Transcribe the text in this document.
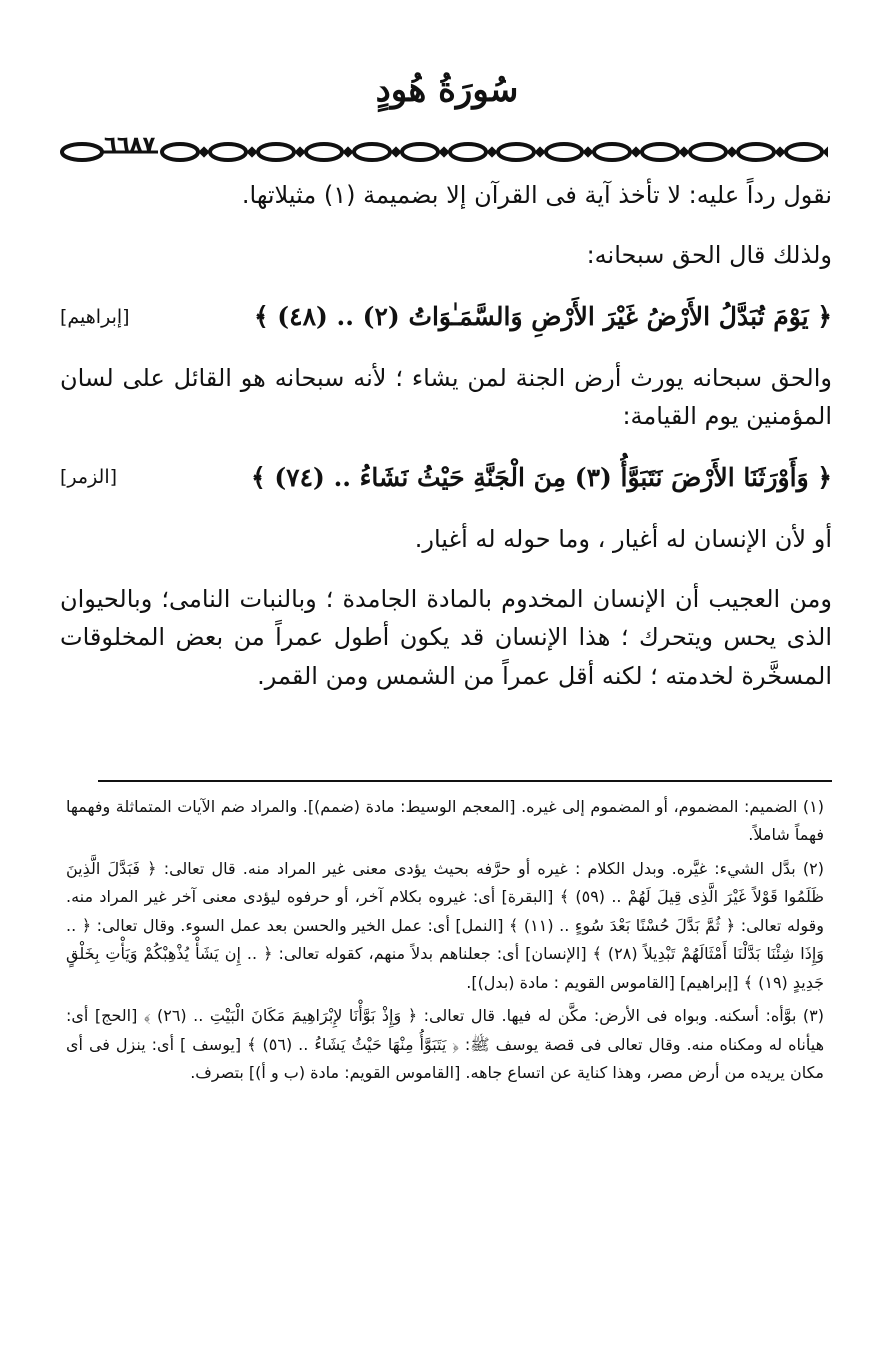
سُورَةُ هُودٍ
٦٦٨٧

نقول رداً عليه: لا تأخذ آية فى القرآن إلا بضميمة (١) مثيلاتها.

ولذلك قال الحق سبحانه:

﴿ يَوْمَ تُبَدَّلُ الأَرْضُ غَيْرَ الأَرْضِ وَالسَّمَـٰوَاتُ (٢) .. (٤٨) ﴾
[إبراهيم]

والحق سبحانه يورث أرض الجنة لمن يشاء ؛ لأنه سبحانه هو القائل على لسان المؤمنين يوم القيامة:

﴿ وَأَوْرَثَنَا الأَرْضَ نَتَبَوَّأُ (٣) مِنَ الْجَنَّةِ حَيْثُ نَشَاءُ .. (٧٤) ﴾
[الزمر]

أو لأن الإنسان له أغيار ، وما حوله له أغيار.

ومن العجيب أن الإنسان المخدوم بالمادة الجامدة ؛ وبالنبات النامى؛ وبالحيوان الذى يحس ويتحرك ؛ هذا الإنسان قد يكون أطول عمراً من بعض المخلوقات المسخَّرة لخدمته ؛ لكنه أقل عمراً من الشمس ومن القمر.

(١) الضميم: المضموم، أو المضموم إلى غيره. [المعجم الوسيط: مادة (ضمم)]. والمراد ضم الآيات المتماثلة وفهمها فهماً شاملاً.

(٢) بدَّل الشيء: غيَّره. وبدل الكلام : غيره أو حرَّفه بحيث يؤدى معنى غير المراد منه. قال تعالى: ﴿ فَبَدَّلَ الَّذِينَ ظَلَمُوا قَوْلاً غَيْرَ الَّذِى قِيلَ لَهُمْ .. (٥٩) ﴾ [البقرة] أى: غيروه بكلام آخر، أو حرفوه ليؤدى معنى آخر غير المراد منه. وقوله تعالى: ﴿ ثُمَّ بَدَّلَ حُسْنًا بَعْدَ سُوءٍ .. (١١) ﴾ [النمل] أى: عمل الخير والحسن بعد عمل السوء. وقال تعالى: ﴿ .. وَإِذَا شِئْنَا بَدَّلْنَا أَمْثَالَهُمْ تَبْدِيلاً (٢٨) ﴾ [الإنسان] أى: جعلناهم بدلاً منهم، كقوله تعالى: ﴿ .. إِن يَشَأْ يُذْهِبْكُمْ وَيَأْتِ بِخَلْقٍ جَدِيدٍ (١٩) ﴾ [إبراهيم] [القاموس القويم : مادة (بدل)].

(٣) بوَّأه: أسكنه. وبواه فى الأرض: مكَّن له فيها. قال تعالى: ﴿ وَإِذْ بَوَّأْنَا لإِبْرَاهِيمَ مَكَانَ الْبَيْتِ .. (٢٦) ﴾ [الحج] أى: هيأناه له ومكناه منه. وقال تعالى فى قصة يوسف ﷺ: ﴿ يَتَبَوَّأُ مِنْهَا حَيْثُ يَشَاءُ .. (٥٦) ﴾ [يوسف ] أى: ينزل فى أى مكان يريده من أرض مصر، وهذا كناية عن اتساع جاهه. [القاموس القويم: مادة (ب و أ)] بتصرف.
